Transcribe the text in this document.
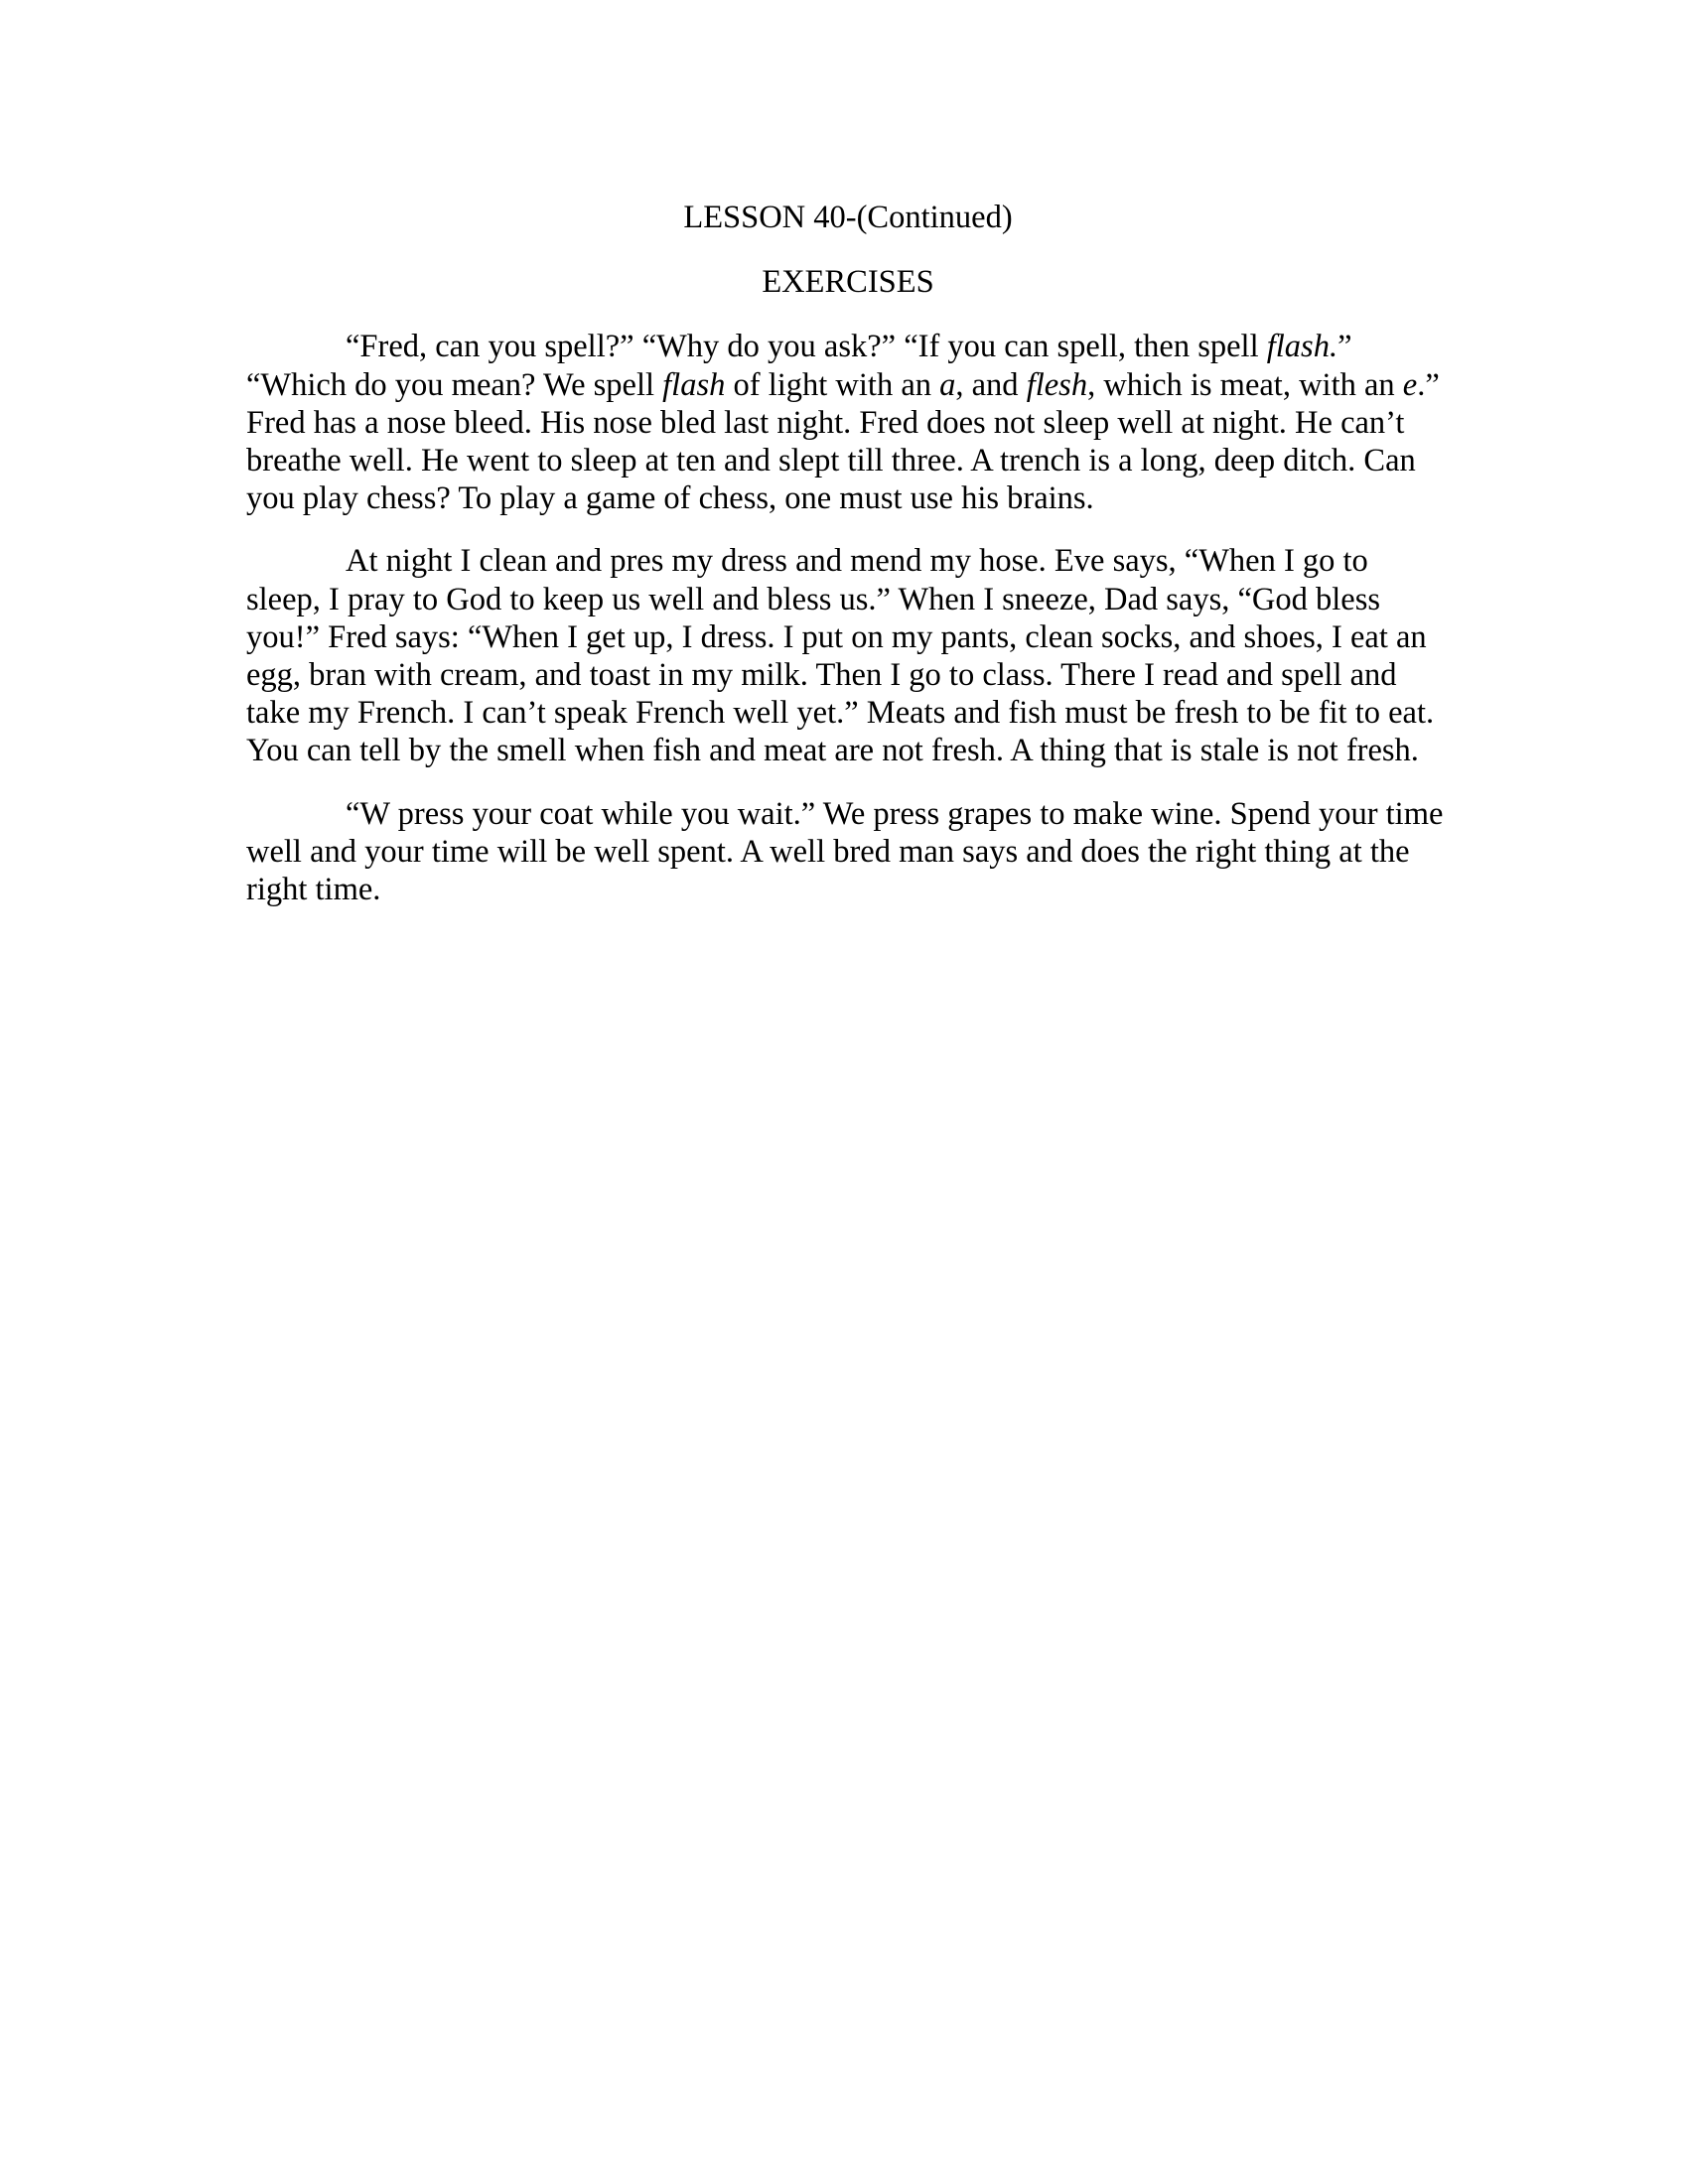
LESSON 40-(Continued)

EXERCISES

“Fred, can you spell?” “Why do you ask?” “If you can spell, then spell flash.” “Which do you mean? We spell flash of light with an a, and flesh, which is meat, with an e.” Fred has a nose bleed. His nose bled last night. Fred does not sleep well at night. He can’t breathe well. He went to sleep at ten and slept till three. A trench is a long, deep ditch. Can you play chess? To play a game of chess, one must use his brains.

At night I clean and pres my dress and mend my hose. Eve says, “When I go to sleep, I pray to God to keep us well and bless us.” When I sneeze, Dad says, “God bless you!” Fred says: “When I get up, I dress. I put on my pants, clean socks, and shoes, I eat an egg, bran with cream, and toast in my milk. Then I go to class. There I read and spell and take my French. I can’t speak French well yet.” Meats and fish must be fresh to be fit to eat. You can tell by the smell when fish and meat are not fresh. A thing that is stale is not fresh.

“W press your coat while you wait.” We press grapes to make wine. Spend your time well and your time will be well spent. A well bred man says and does the right thing at the right time.
